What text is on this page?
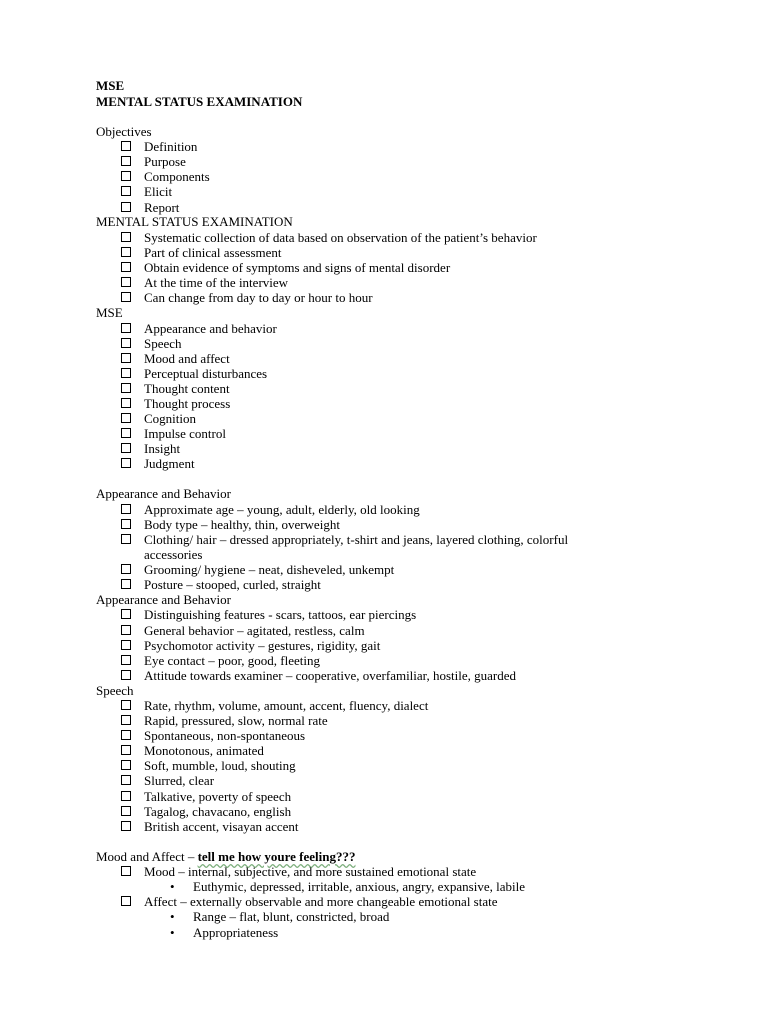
MSE
MENTAL STATUS EXAMINATION
Objectives
Definition
Purpose
Components
Elicit
Report
MENTAL STATUS EXAMINATION
Systematic collection of data based on observation of the patient’s behavior
Part of clinical assessment
Obtain evidence of symptoms and signs of mental disorder
At the time of the interview
Can change from day to day or hour to hour
MSE
Appearance and behavior
Speech
Mood and affect
Perceptual disturbances
Thought content
Thought process
Cognition
Impulse control
Insight
Judgment
Appearance and Behavior
Approximate age – young, adult, elderly, old looking
Body type – healthy, thin, overweight
Clothing/ hair – dressed appropriately, t-shirt and jeans, layered clothing, colorful
accessories
Grooming/ hygiene – neat, disheveled, unkempt
Posture – stooped, curled, straight
Appearance and Behavior
Distinguishing features - scars, tattoos, ear piercings
General behavior – agitated, restless, calm
Psychomotor activity – gestures, rigidity, gait
Eye contact – poor, good, fleeting
Attitude towards examiner – cooperative, overfamiliar, hostile, guarded
Speech
Rate, rhythm, volume, amount, accent, fluency, dialect
Rapid, pressured, slow, normal rate
Spontaneous, non-spontaneous
Monotonous, animated
Soft, mumble, loud, shouting
Slurred, clear
Talkative, poverty of speech
Tagalog, chavacano, english
British accent, visayan accent
Mood and Affect – tell me how youre feeling???
Mood – internal, subjective, and more sustained emotional state
• Euthymic, depressed, irritable, anxious, angry, expansive, labile
Affect – externally observable and more changeable emotional state
• Range – flat, blunt, constricted, broad
• Appropriateness
